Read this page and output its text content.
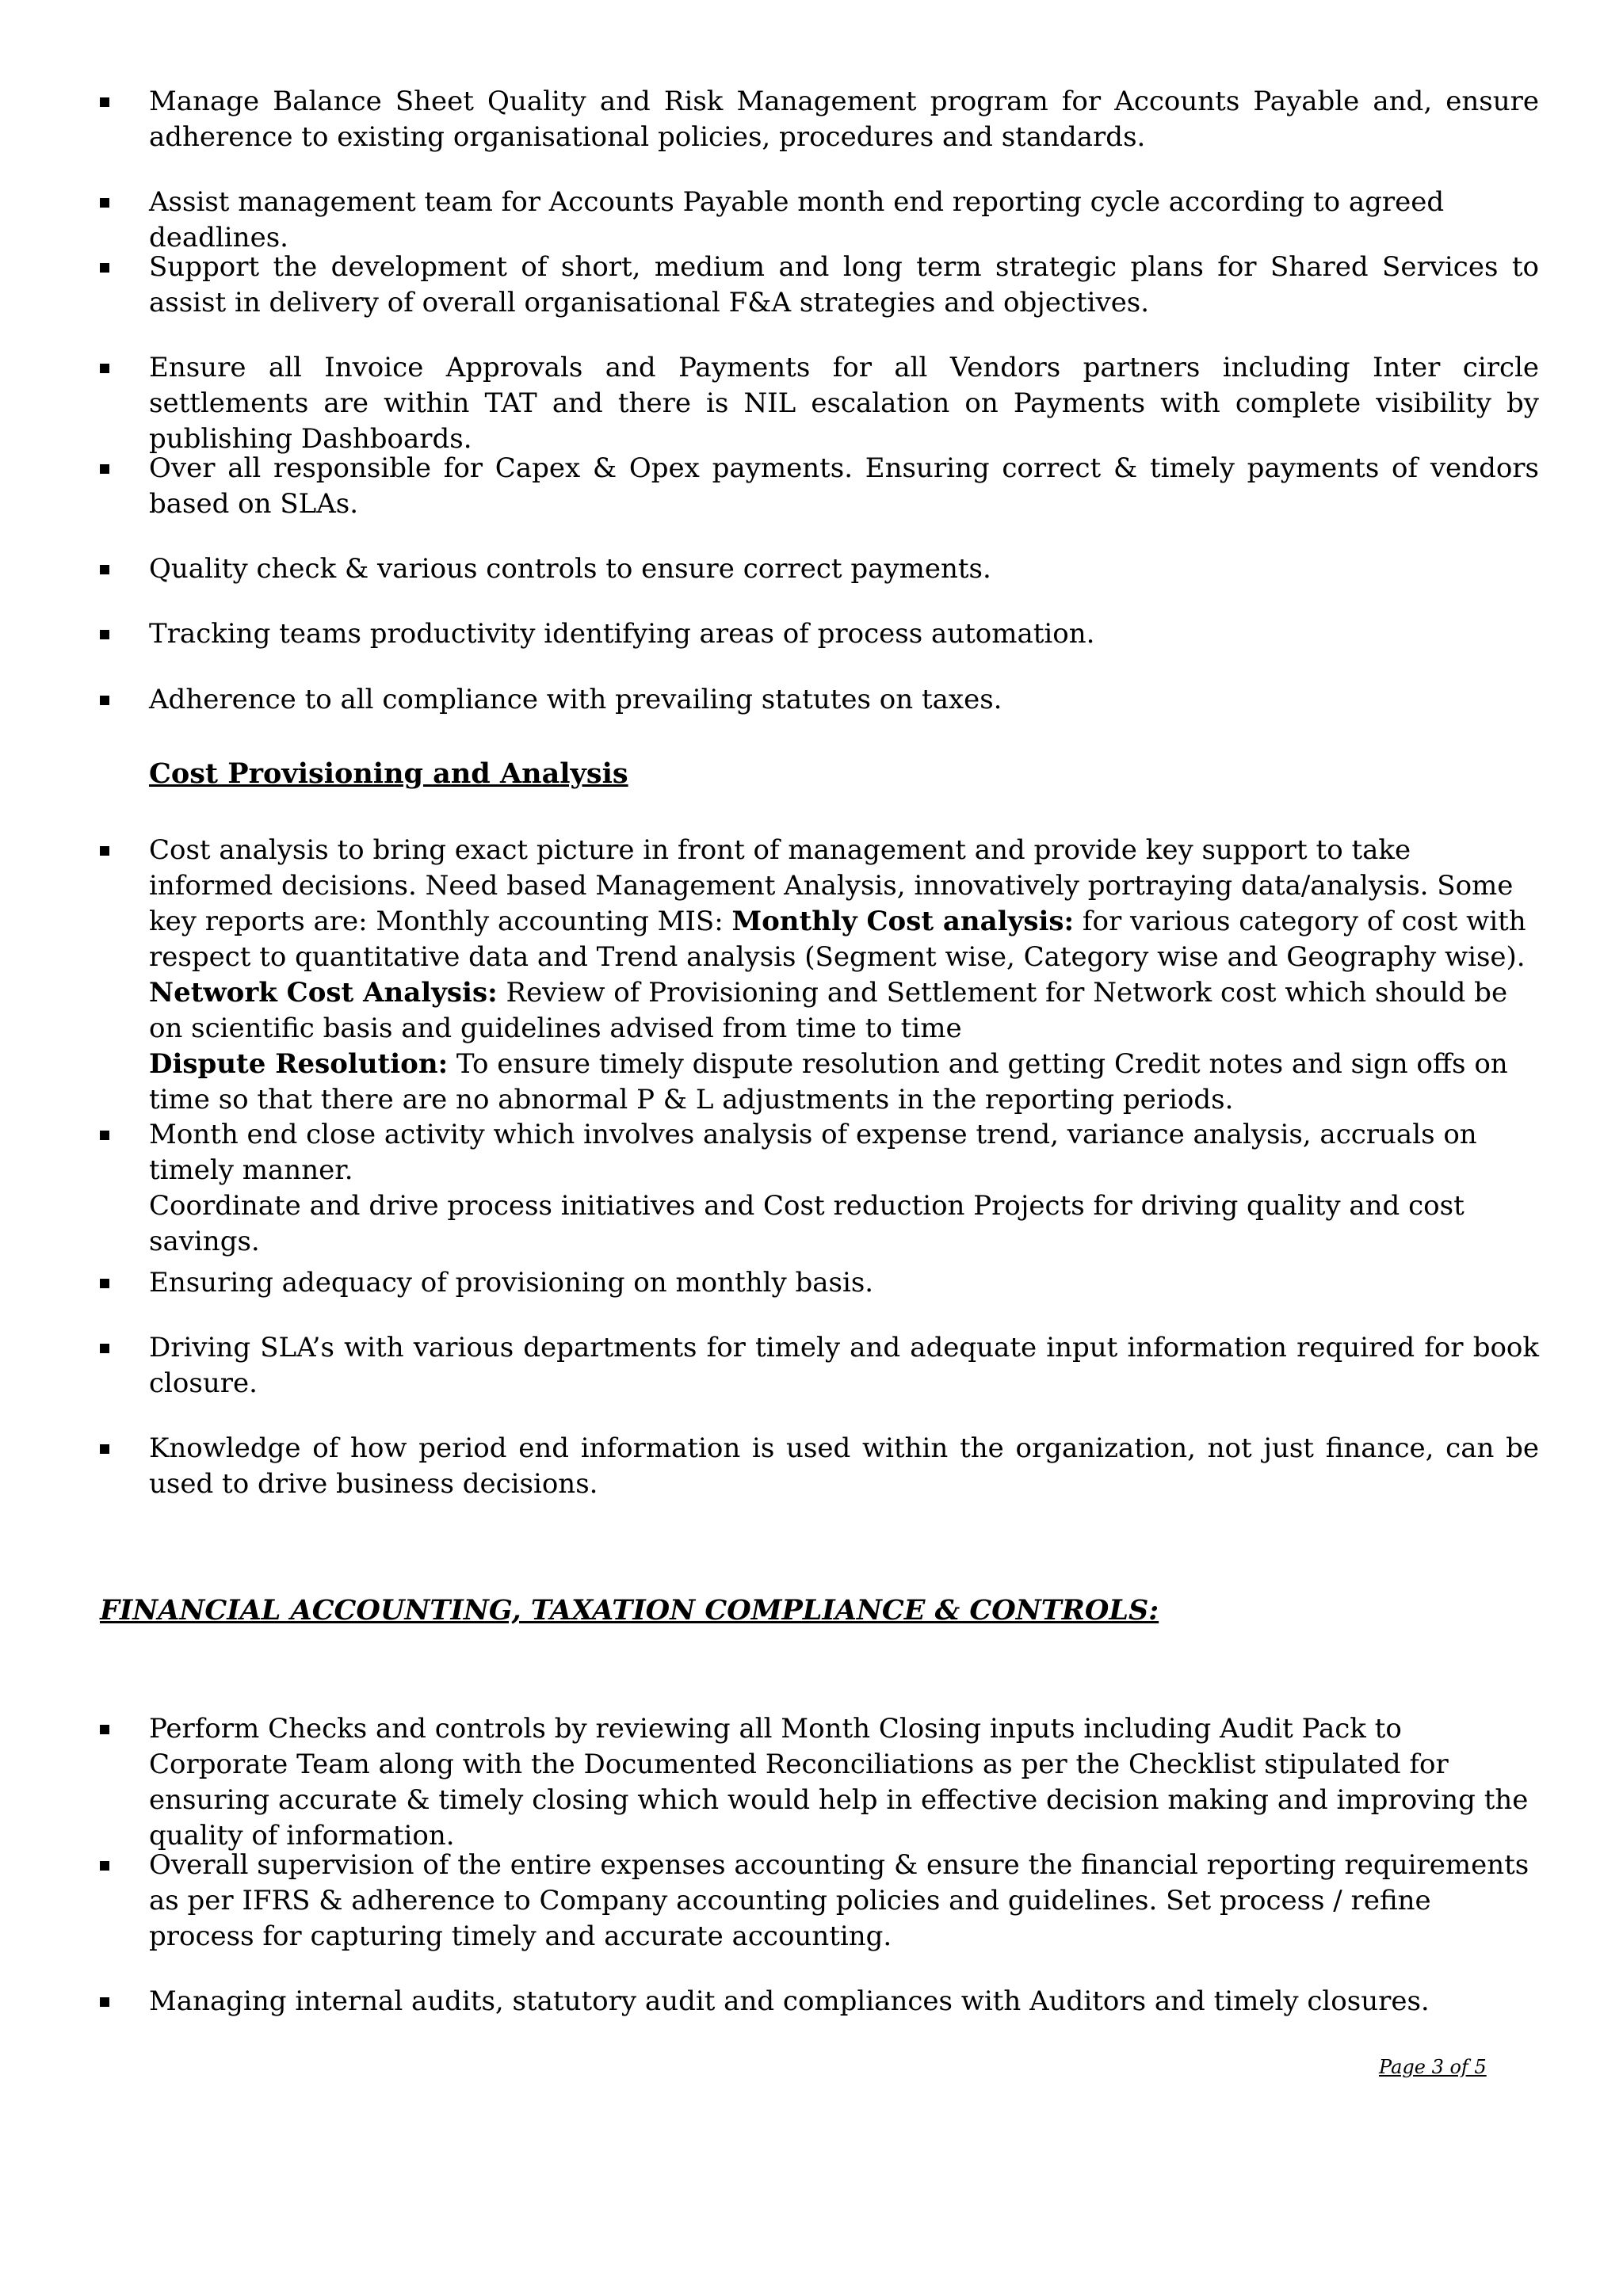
Manage Balance Sheet Quality and Risk Management program for Accounts Payable and, ensure adherence to existing organisational policies, procedures and standards.
Assist management team for Accounts Payable month end reporting cycle according to agreed deadlines.
Support the development of short, medium and long term strategic plans for Shared Services to assist in delivery of overall organisational F&A strategies and objectives.
Ensure all Invoice Approvals and Payments for all Vendors partners including Inter circle settlements are within TAT and there is NIL escalation on Payments with complete visibility by publishing Dashboards.
Over all responsible for Capex & Opex payments. Ensuring correct & timely payments of vendors based on SLAs.
Quality check & various controls to ensure correct payments.
Tracking teams productivity identifying areas of process automation.
Adherence to all compliance with prevailing statutes on taxes.
Cost Provisioning and Analysis
Cost analysis to bring exact picture in front of management and provide key support to take informed decisions. Need based Management Analysis, innovatively portraying data/analysis. Some key reports are: Monthly accounting MIS: Monthly Cost analysis: for various category of cost with respect to quantitative data and Trend analysis (Segment wise, Category wise and Geography wise).
Network Cost Analysis: Review of Provisioning and Settlement for Network cost which should be on scientific basis and guidelines advised from time to time
Dispute Resolution: To ensure timely dispute resolution and getting Credit notes and sign offs on time so that there are no abnormal P & L adjustments in the reporting periods.
Month end close activity which involves analysis of expense trend, variance analysis, accruals on timely manner.
Coordinate and drive process initiatives and Cost reduction Projects for driving quality and cost savings.
Ensuring adequacy of provisioning on monthly basis.
Driving SLA’s with various departments for timely and adequate input information required for book closure.
Knowledge of how period end information is used within the organization, not just finance, can be used to drive business decisions.
FINANCIAL ACCOUNTING, TAXATION COMPLIANCE & CONTROLS:
Perform Checks and controls by reviewing all Month Closing inputs including Audit Pack to Corporate Team along with the Documented Reconciliations as per the Checklist stipulated for ensuring accurate & timely closing which would help in effective decision making and improving the quality of information.
Overall supervision of the entire expenses accounting & ensure the financial reporting requirements as per IFRS & adherence to Company accounting policies and guidelines. Set process / refine process for capturing timely and accurate accounting.
Managing internal audits, statutory audit and compliances with Auditors and timely closures.
Page 3 of 5
